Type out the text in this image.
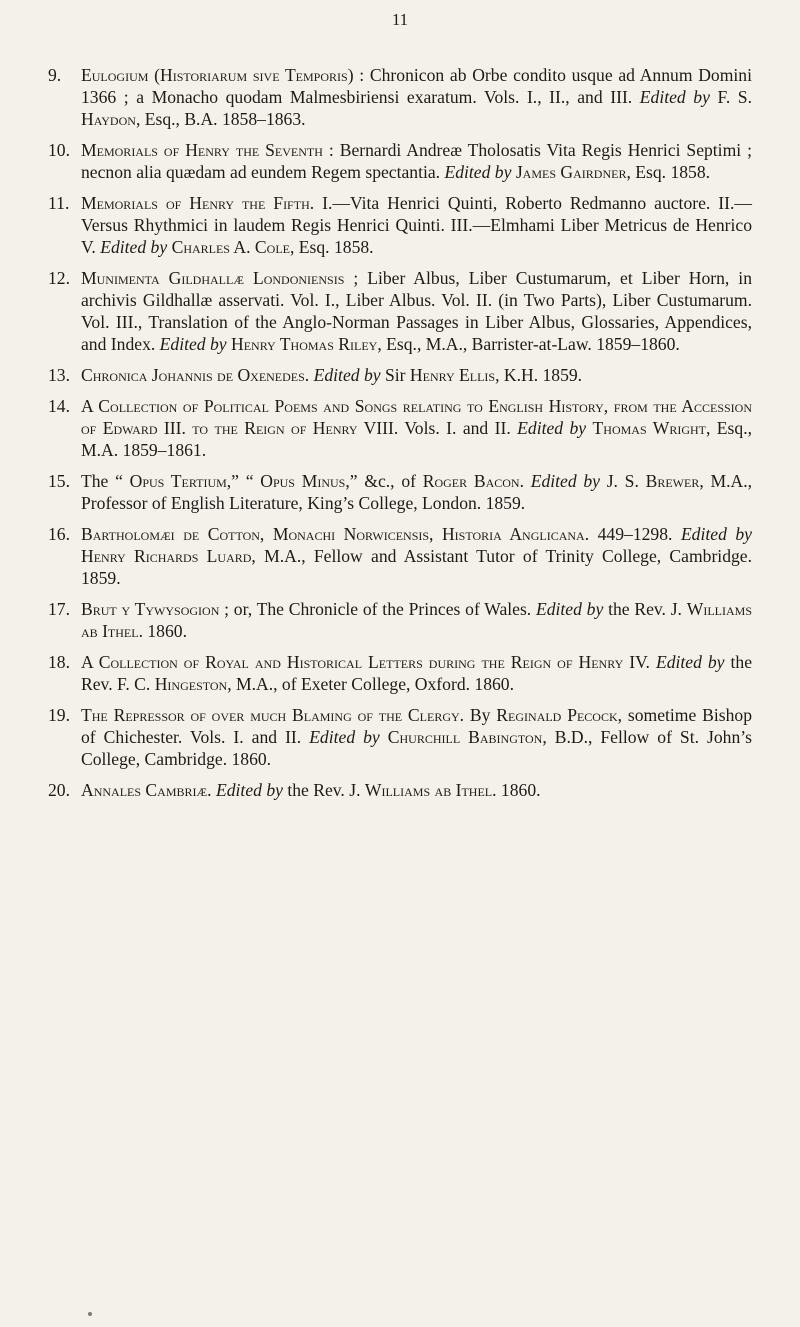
11
9. Eulogium (Historiarum sive Temporis) : Chronicon ab Orbe condito usque ad Annum Domini 1366 ; a Monacho quodam Malmesbiriensi exaratum. Vols. I., II., and III. Edited by F. S. Haydon, Esq., B.A. 1858–1863.
10. Memorials of Henry the Seventh : Bernardi Andreæ Tholosatis Vita Regis Henrici Septimi ; necnon alia quædam ad eundem Regem spectantia. Edited by James Gairdner, Esq. 1858.
11. Memorials of Henry the Fifth. I.—Vita Henrici Quinti, Roberto Redmanno auctore. II.—Versus Rhythmici in laudem Regis Henrici Quinti. III.—Elmhami Liber Metricus de Henrico V. Edited by Charles A. Cole, Esq. 1858.
12. Munimenta Gildhallæ Londoniensis ; Liber Albus, Liber Custumarum, et Liber Horn, in archivis Gildhallæ asservati. Vol. I., Liber Albus. Vol. II. (in Two Parts), Liber Custumarum. Vol. III., Translation of the Anglo-Norman Passages in Liber Albus, Glossaries, Appendices, and Index. Edited by Henry Thomas Riley, Esq., M.A., Barrister-at-Law. 1859–1860.
13. Chronica Johannis de Oxenedes. Edited by Sir Henry Ellis, K.H. 1859.
14. A Collection of Political Poems and Songs relating to English History, from the Accession of Edward III. to the Reign of Henry VIII. Vols. I. and II. Edited by Thomas Wright, Esq., M.A. 1859–1861.
15. The “ Opus Tertium,” “ Opus Minus,” &c., of Roger Bacon. Edited by J. S. Brewer, M.A., Professor of English Literature, King’s College, London. 1859.
16. Bartholomæi de Cotton, Monachi Norwicensis, Historia Anglicana. 449–1298. Edited by Henry Richards Luard, M.A., Fellow and Assistant Tutor of Trinity College, Cambridge. 1859.
17. Brut y Tywysogion ; or, The Chronicle of the Princes of Wales. Edited by the Rev. J. Williams ab Ithel. 1860.
18. A Collection of Royal and Historical Letters during the Reign of Henry IV. Edited by the Rev. F. C. Hingeston, M.A., of Exeter College, Oxford. 1860.
19. The Repressor of over much Blaming of the Clergy. By Reginald Pecock, sometime Bishop of Chichester. Vols. I. and II. Edited by Churchill Babington, B.D., Fellow of St. John’s College, Cambridge. 1860.
20. Annales Cambriæ. Edited by the Rev. J. Williams ab Ithel. 1860.
